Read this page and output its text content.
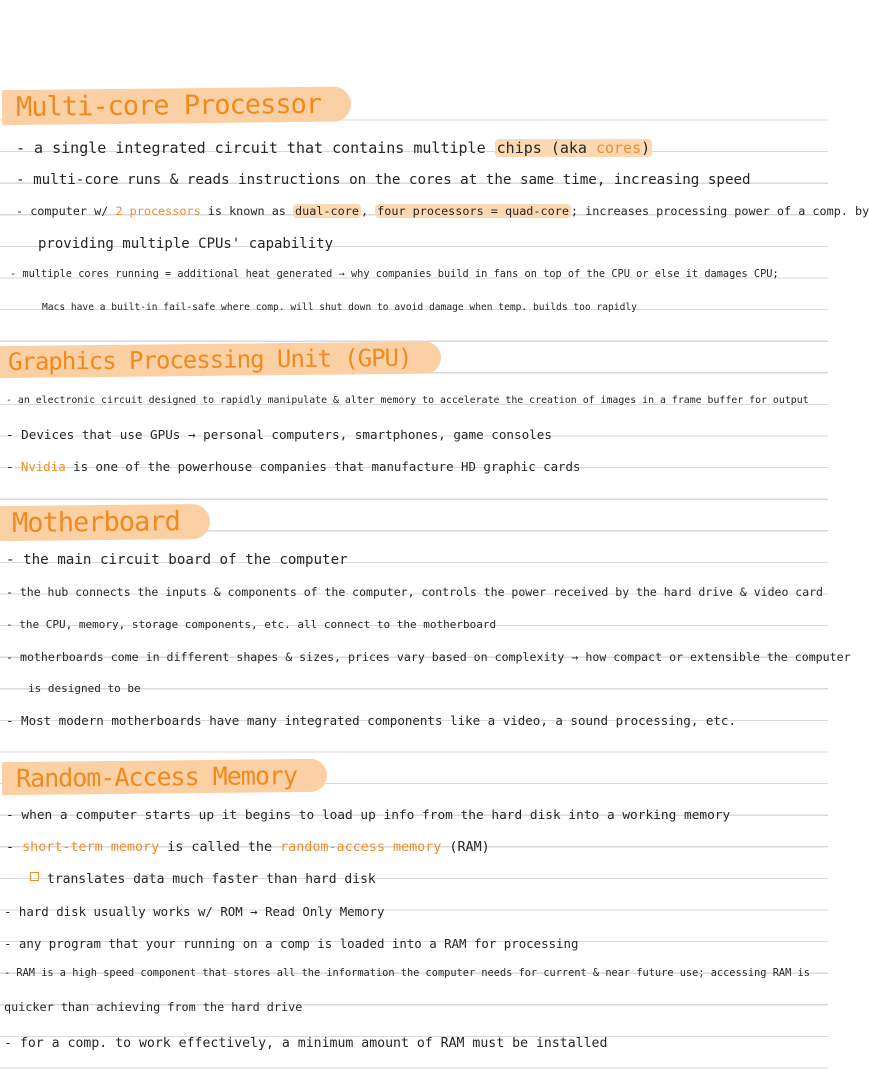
Multi-core Processor
- a single integrated circuit that contains multiple chips (aka cores)
- multi-core runs & reads instructions on the cores at the same time, increasing speed
- computer w/ 2 processors is known as dual-core , four processors = quad-core ; increases processing power of a comp. by
providing multiple CPUs' capability
- multiple cores running = additional heat generated → why companies build in fans on top of the CPU or else it damages CPU;
Macs have a built-in fail-safe where comp. will shut down to avoid damage when temp. builds too rapidly
Graphics Processing Unit (GPU)
- an electronic circuit designed to rapidly manipulate & alter memory to accelerate the creation of images in a frame buffer for output
- Devices that use GPUs → personal computers, smartphones, game consoles
- Nvidia is one of the powerhouse companies that manufacture HD graphic cards
Motherboard
- the main circuit board of the computer
- the hub connects the inputs & components of the computer, controls the power received by the hard drive & video card
- the CPU, memory, storage components, etc. all connect to the motherboard
- motherboards come in different shapes & sizes, prices vary based on complexity → how compact or extensible the computer
is designed to be
- Most modern motherboards have many integrated components like a video, a sound processing, etc.
Random-Access Memory
- when a computer starts up it begins to load up info from the hard disk into a working memory
- short-term memory is called the random-access memory (RAM)
translates data much faster than hard disk
- hard disk usually works w/ ROM → Read Only Memory
- any program that your running on a comp is loaded into a RAM for processing
- RAM is a high speed component that stores all the information the computer needs for current & near future use; accessing RAM is
quicker than achieving from the hard drive
- for a comp. to work effectively, a minimum amount of RAM must be installed
